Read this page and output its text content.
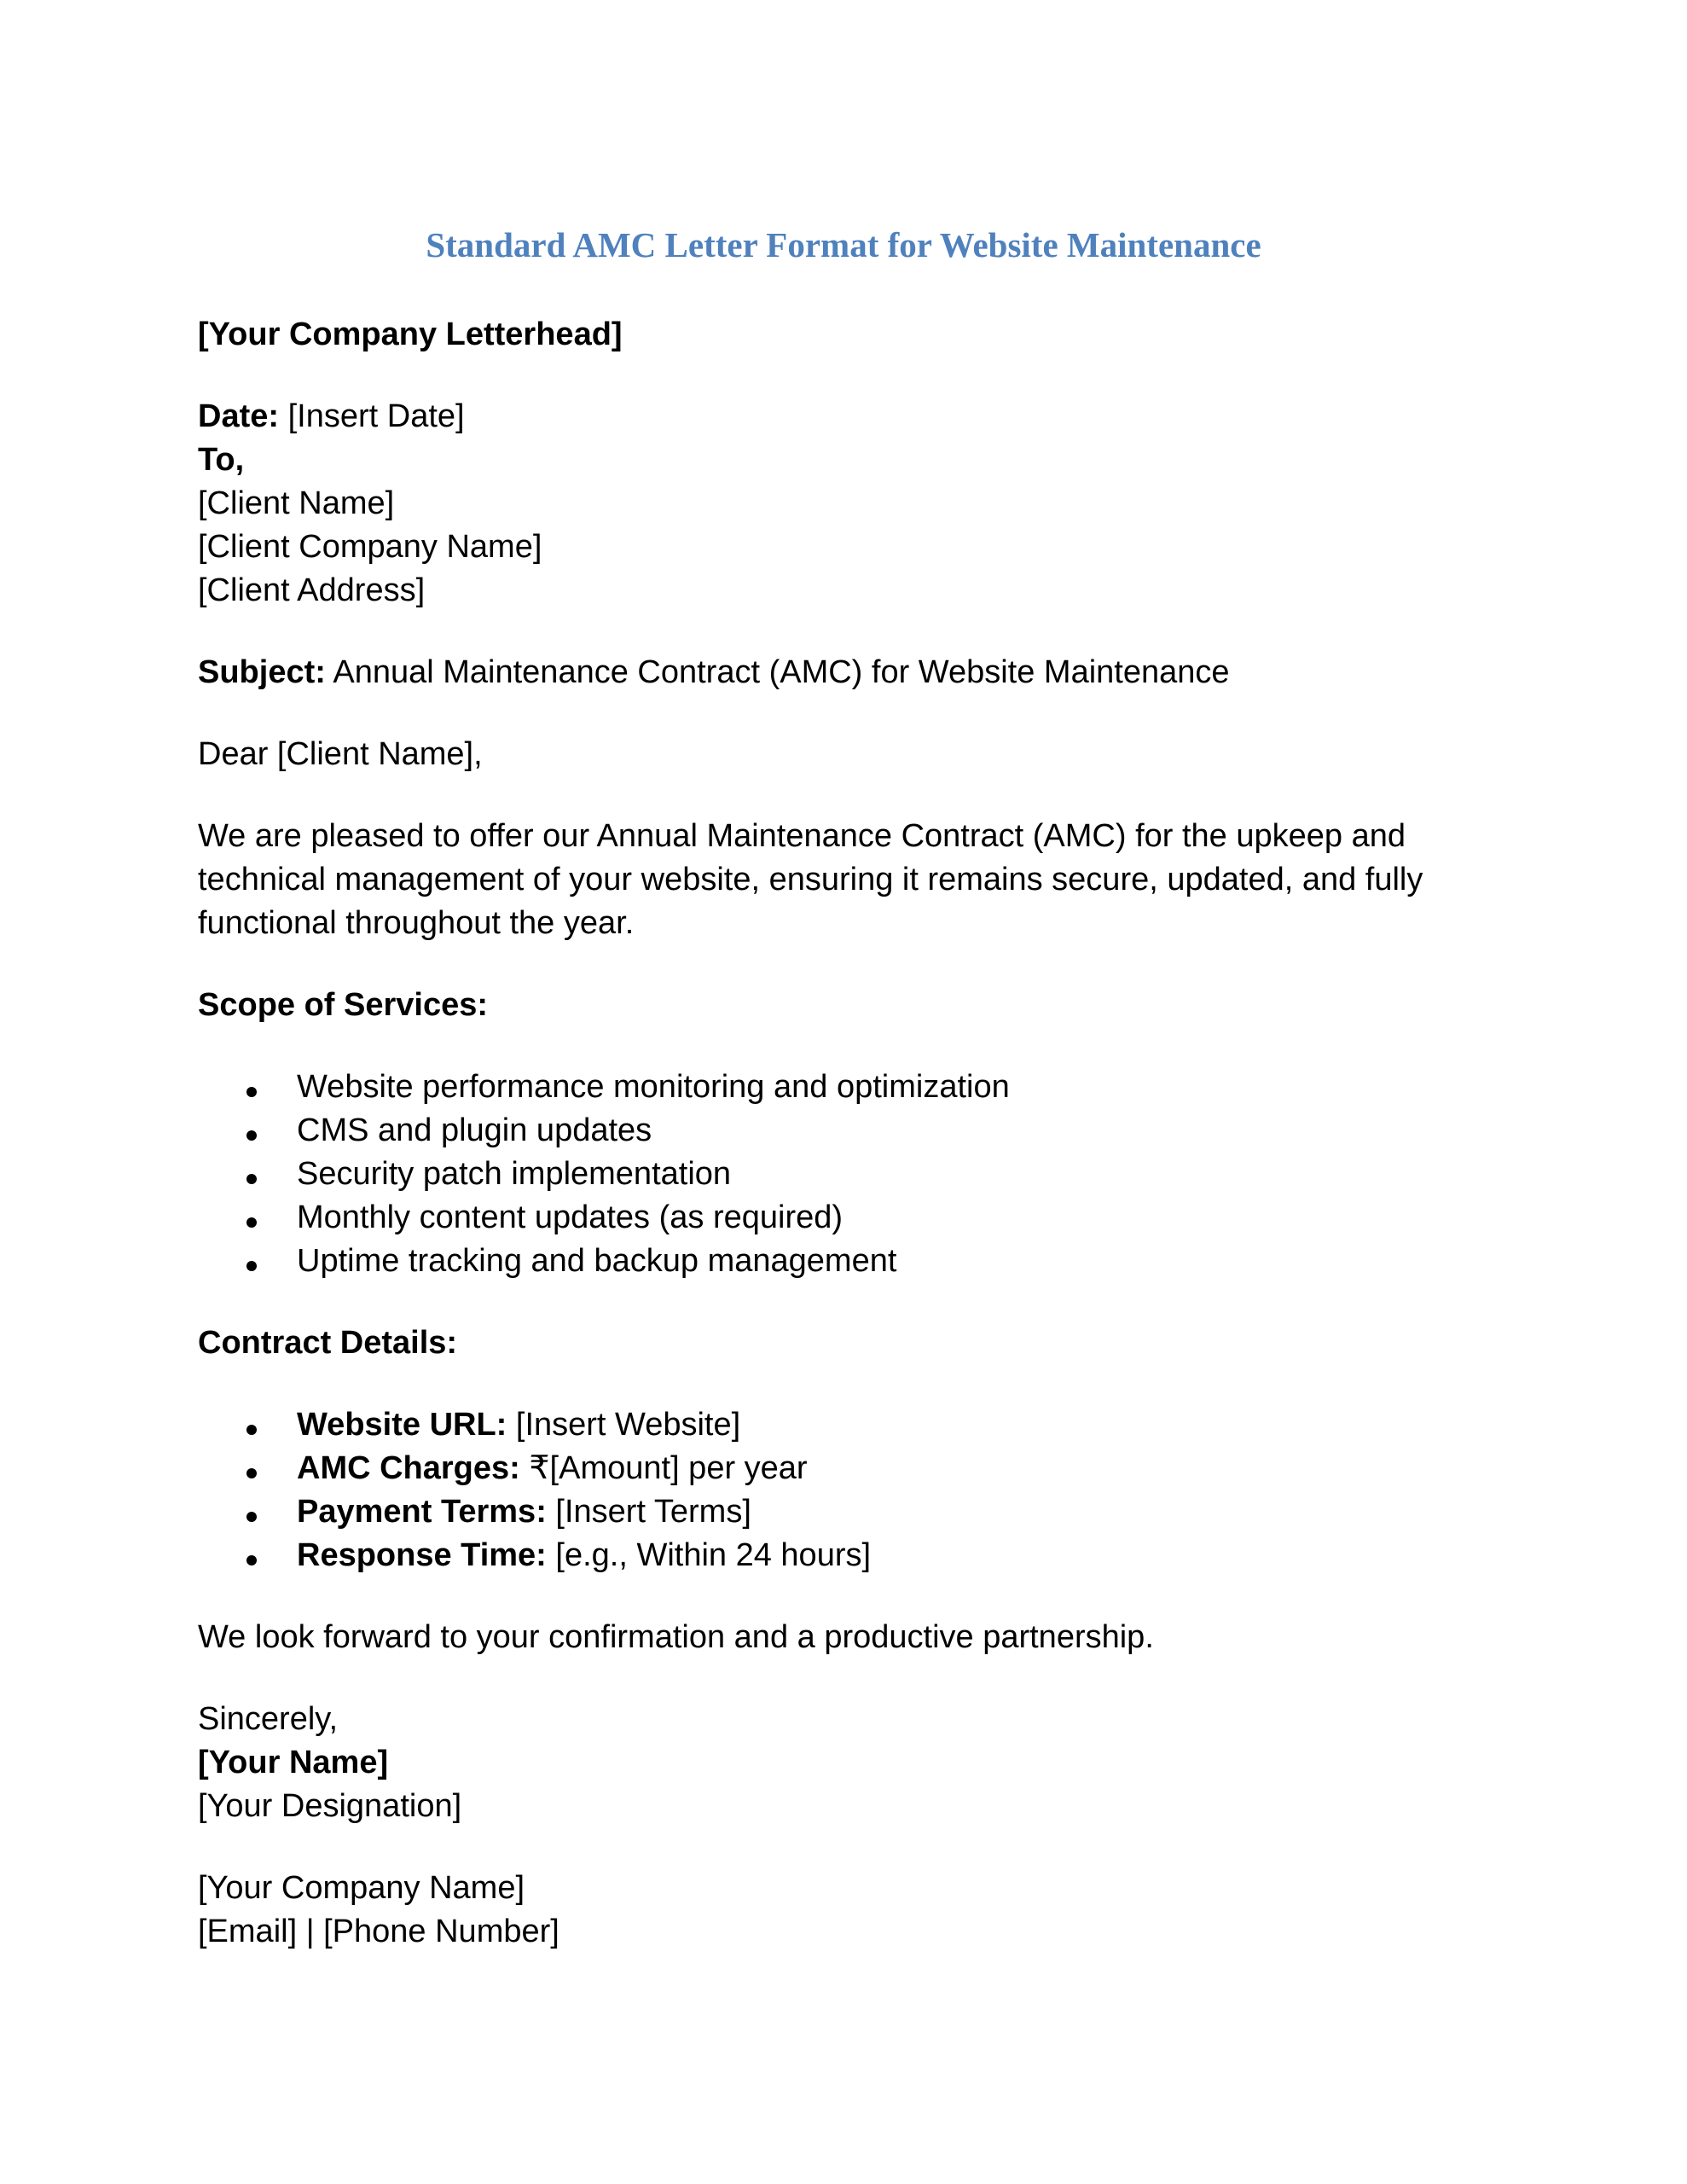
Standard AMC Letter Format for Website Maintenance
[Your Company Letterhead]
Date: [Insert Date]
To,
[Client Name]
[Client Company Name]
[Client Address]
Subject: Annual Maintenance Contract (AMC) for Website Maintenance
Dear [Client Name],
We are pleased to offer our Annual Maintenance Contract (AMC) for the upkeep and
technical management of your website, ensuring it remains secure, updated, and fully
functional throughout the year.
Scope of Services:
Website performance monitoring and optimization
CMS and plugin updates
Security patch implementation
Monthly content updates (as required)
Uptime tracking and backup management
Contract Details:
Website URL: [Insert Website]
AMC Charges: ₹[Amount] per year
Payment Terms: [Insert Terms]
Response Time: [e.g., Within 24 hours]
We look forward to your confirmation and a productive partnership.
Sincerely,
[Your Name]
[Your Designation]
[Your Company Name]
[Email] | [Phone Number]
